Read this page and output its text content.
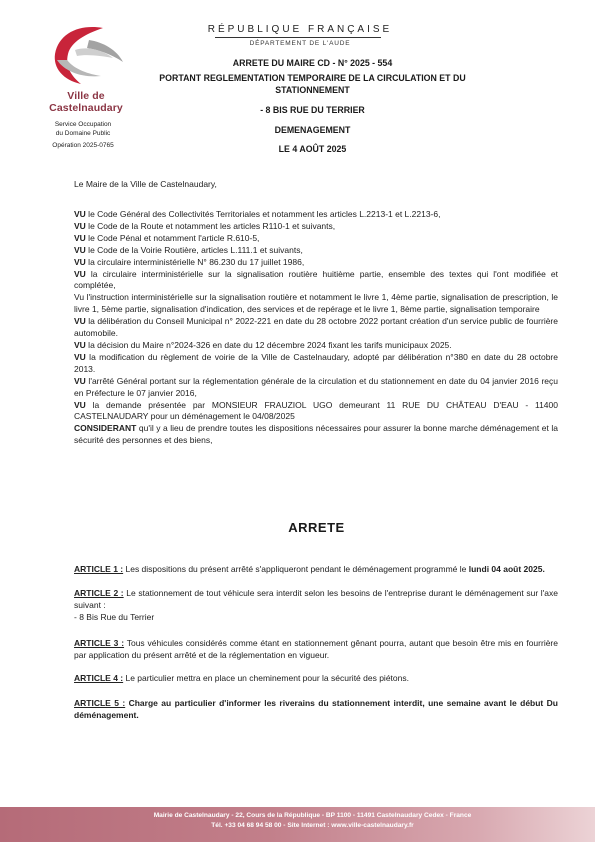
Ville de Castelnaudary
Service Occupation
du Domaine Public
Opération 2025-0765
RÉPUBLIQUE FRANÇAISE
DÉPARTEMENT DE L'AUDE
ARRETE DU MAIRE CD - N° 2025 - 554
PORTANT REGLEMENTATION TEMPORAIRE DE LA CIRCULATION ET DU STATIONNEMENT
- 8 BIS RUE DU TERRIER
DEMENAGEMENT
LE 4 AOÛT 2025
Le Maire de la Ville de Castelnaudary,

VU le Code Général des Collectivités Territoriales et notamment les articles L.2213-1 et L.2213-6,

VU le Code de la Route et notamment les articles R110-1 et suivants,

VU le Code Pénal et notamment l'article R.610-5,

VU le Code de la Voirie Routière, articles L.111.1 et suivants,

VU la circulaire interministérielle N° 86.230 du 17 juillet 1986,

VU la circulaire interministérielle sur la signalisation routière huitième partie, ensemble des textes qui l'ont modifiée et complétée,

Vu l'instruction interministérielle sur la signalisation routière et notamment le livre 1, 4ème partie, signalisation de prescription, le livre 1, 5ème partie, signalisation d'indication, des services et de repérage et le livre 1, 8ème partie, signalisation temporaire

VU la délibération du Conseil Municipal n° 2022-221 en date du 28 octobre 2022 portant création d'un service public de fourrière automobile.

VU la décision du Maire n°2024-326 en date du 12 décembre 2024 fixant les tarifs municipaux 2025.

VU la modification du règlement de voirie de la Ville de Castelnaudary, adopté par délibération n°380 en date du 28 octobre 2013.

VU l'arrêté Général portant sur la réglementation générale de la circulation et du stationnement en date du 04 janvier 2016 reçu en Préfecture le 07 janvier 2016,

VU la demande présentée par MONSIEUR FRAUZIOL UGO demeurant 11 RUE DU CHÂTEAU D'EAU - 11400 CASTELNAUDARY pour un déménagement le 04/08/2025

CONSIDERANT qu'il y a lieu de prendre toutes les dispositions nécessaires pour assurer la bonne marche déménagement et la sécurité des personnes et des biens,

ARRETE

ARTICLE 1 : Les dispositions du présent arrêté s'appliqueront pendant le déménagement programmé le lundi 04 août 2025.

ARTICLE 2 : Le stationnement de tout véhicule sera interdit selon les besoins de l'entreprise durant le déménagement sur l'axe suivant :
- 8 Bis Rue du Terrier

ARTICLE 3 : Tous véhicules considérés comme étant en stationnement gênant pourra, autant que besoin être mis en fourrière par application du présent arrêté et de la réglementation en vigueur.

ARTICLE 4 : Le particulier mettra en place un cheminement pour la sécurité des piétons.

ARTICLE 5 : Charge au particulier d'informer les riverains du stationnement interdit, une semaine avant le début Du déménagement.

Mairie de Castelnaudary - 22, Cours de la République - BP 1100 - 11491 Castelnaudary Cedex - France
Tél. +33 04 68 94 58 00 - Site Internet : www.ville-castelnaudary.fr
